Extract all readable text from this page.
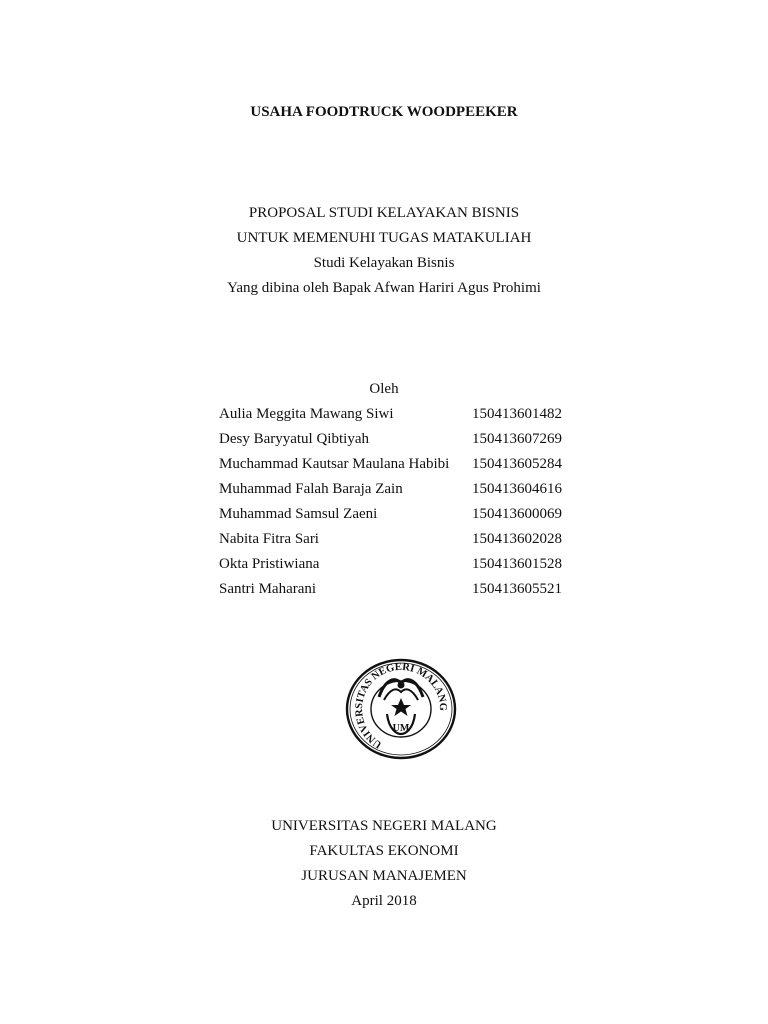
USAHA FOODTRUCK WOODPEEKER
PROPOSAL STUDI KELAYAKAN BISNIS
UNTUK MEMENUHI TUGAS MATAKULIAH
Studi Kelayakan Bisnis
Yang dibina oleh Bapak Afwan Hariri Agus Prohimi
Oleh
Aulia Meggita Mawang Siwi	150413601482
Desy Baryyatul Qibtiyah	150413607269
Muchammad Kautsar Maulana Habibi 150413605284
Muhammad Falah Baraja Zain	150413604616
Muhammad Samsul Zaeni	150413600069
Nabita Fitra Sari	150413602028
Okta Pristiwiana	150413601528
Santri Maharani	150413605521
UNIVERSITAS NEGERI MALANG
UM
UNIVERSITAS NEGERI MALANG
FAKULTAS EKONOMI
JURUSAN MANAJEMEN
April 2018
